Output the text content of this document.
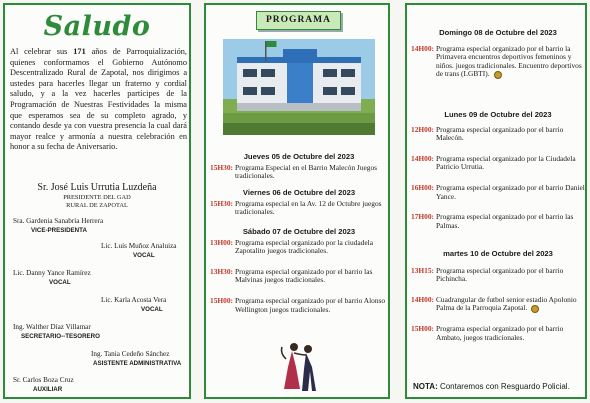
Saludo
Al celebrar sus 171 años de Parroquialización, quienes conformamos el Gobierno Autónomo Descentralizado Rural de Zapotal, nos dirigimos a ustedes para hacerles llegar un fraterno y cordial saludo, y a la vez hacerles partícipes de la Programación de Nuestras Festividades la misma que esperamos sea de su completo agrado, y contando desde ya con vuestra presencia la cual dará mayor realce y armonía a nuestra celebración en honor a su fecha de Aniversario.
Sr. José Luis Urrutia Luzdeña
PRESIDENTE DEL GAD
RURAL DE ZAPOTAL
Sra. Gardenia Sanabria Herrera
VICE-PRESIDENTA
Lic. Luis Muñoz Analuiza
VOCAL
Lic. Danny Yance Ramírez
VOCAL
Lic. Karla Acosta Vera
VOCAL
Ing. Walther Díaz Villamar
SECRETARIO--TESORERO
Ing. Tania Cedeño Sánchez
ASISTENTE ADMINISTRATIVA
Sr. Carlos Boza Cruz
AUXILIAR
PROGRAMA
Jueves 05 de Octubre del 2023
15H30: Programa Especial en el Barrio Malecón Juegos tradicionales.
Viernes 06 de Octubre del 2023
15H30: Programa especial en la Av. 12 de Octubre juegos tradicionales.
Sábado 07 de Octubre del 2023
13H00: Programa especial organizado por la ciudadela Zapotalito juegos tradicionales.
13H30: Programa especial organizado por el barrio las Malvinas juegos tradicionales.
15H00: Programa especial organizado por el barrio Alonso Wellington juegos tradicionales.
Domingo 08 de Octubre del 2023
14H00: Programa especial organizado por el barrio la Primavera encuentros deportivos femeninos y niños. juegos tradicionales. Encuentro deportivos de trans (LGBTI).
Lunes 09 de Octubre del 2023
12H00: Programa especial organizado por el barrio Malecón.
14H00: Programa especial organizado por la Ciudadela Patricio Urrutia.
16H00: Programa especial organizado por el barrio Daniel Yance.
17H00: Programa especial organizado por el barrio las Palmas.
martes 10 de Octubre del 2023
13H15: Programa especial organizado por el barrio Pichincha.
14H00: Cuadrangular de futbol senior estadio Apolonio Palma de la Parroquia Zapotal.
15H00: Programa especial organizado por el barrio Ambato, juegos tradicionales.
NOTA: Contaremos con Resguardo Policial.
